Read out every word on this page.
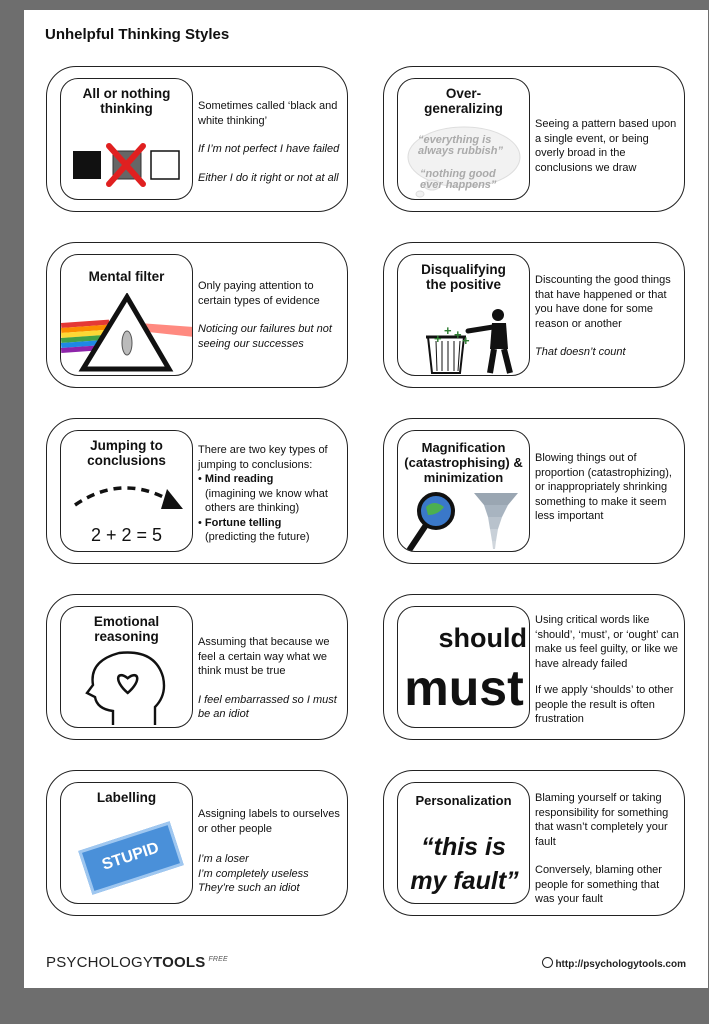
Unhelpful Thinking Styles
All or nothing thinking	Sometimes called ‘black and white thinking’

If I’m not perfect I have failed

Either I do it right or not at all

Over-generalizing
“everything is always rubbish”
“nothing good ever happens”

Seeing a pattern based upon a single event, or being overly broad in the conclusions we draw

Mental filter

Only paying attention to certain types of evidence

Noticing our failures but not seeing our successes

Disqualifying the positive
+
+ + +

Discounting the good things that have happened or that you have done for some reason or another

That doesn’t count

Jumping to conclusions
2 + 2 = 5

There are two key types of jumping to conclusions:

• Mind reading
(imagining we know what others are thinking)
• Fortune telling
(predicting the future)
Magnification (catastrophising) & minimization

Blowing things out of proportion (catastrophizing), or inappropriately shrinking something to make it seem less important

Emotional reasoning	Assuming that because we feel a certain way what we think must be true

I feel embarrassed so I must be an idiot

should
must

Using critical words like ‘should’, ‘must’, or ‘ought’ can make us feel guilty, or like we have already failed

If we apply ‘shoulds’ to other people the result is often frustration

Labelling
STUPID

Assigning labels to ourselves or other people

I’m a loser

I’m completely useless

They’re such an idiot

Personalization
“this is
my fault”

Blaming yourself or taking responsibility for something that wasn’t completely your fault

Conversely, blaming other people for something that was your fault

PSYCHOLOGYTOOLS $^{FREE}$	http://psychologytools.com
